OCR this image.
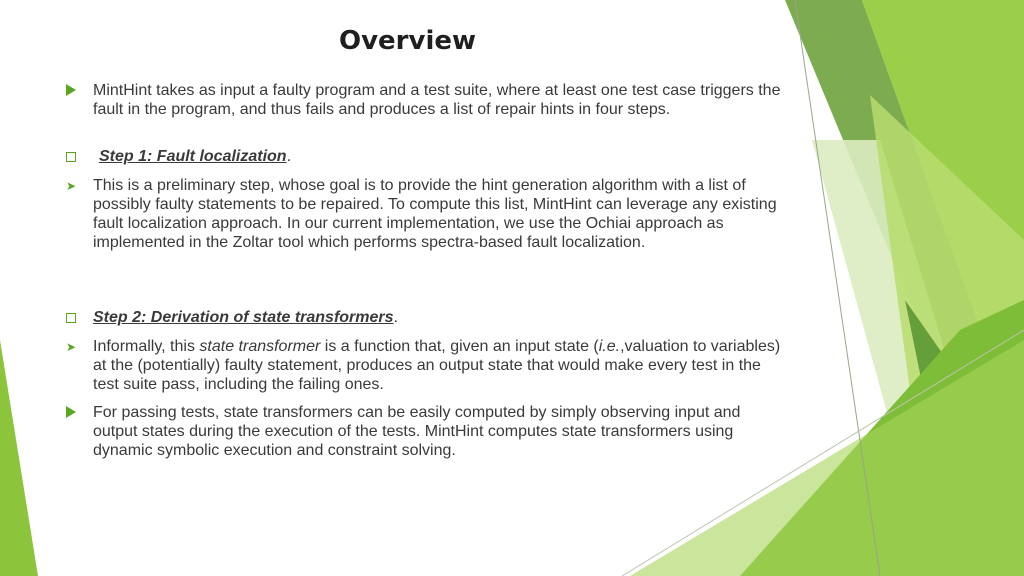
Overview
MintHint takes as input a faulty program and a test suite, where at least one test case triggers the fault in the program, and thus fails and produces a list of repair hints in four steps.
Step 1: Fault localization.
➤ This is a preliminary step, whose goal is to provide the hint generation algorithm with a list of possibly faulty statements to be repaired. To compute this list, MintHint can leverage any existing fault localization approach. In our current implementation, we use the Ochiai approach as implemented in the Zoltar tool which performs spectra-based fault localization.
Step 2: Derivation of state transformers.
➤ Informally, this state transformer is a function that, given an input state (i.e.,valuation to variables) at the (potentially) faulty statement, produces an output state that would make every test in the test suite pass, including the failing ones.
For passing tests, state transformers can be easily computed by simply observing input and output states during the execution of the tests. MintHint computes state transformers using dynamic symbolic execution and constraint solving.
